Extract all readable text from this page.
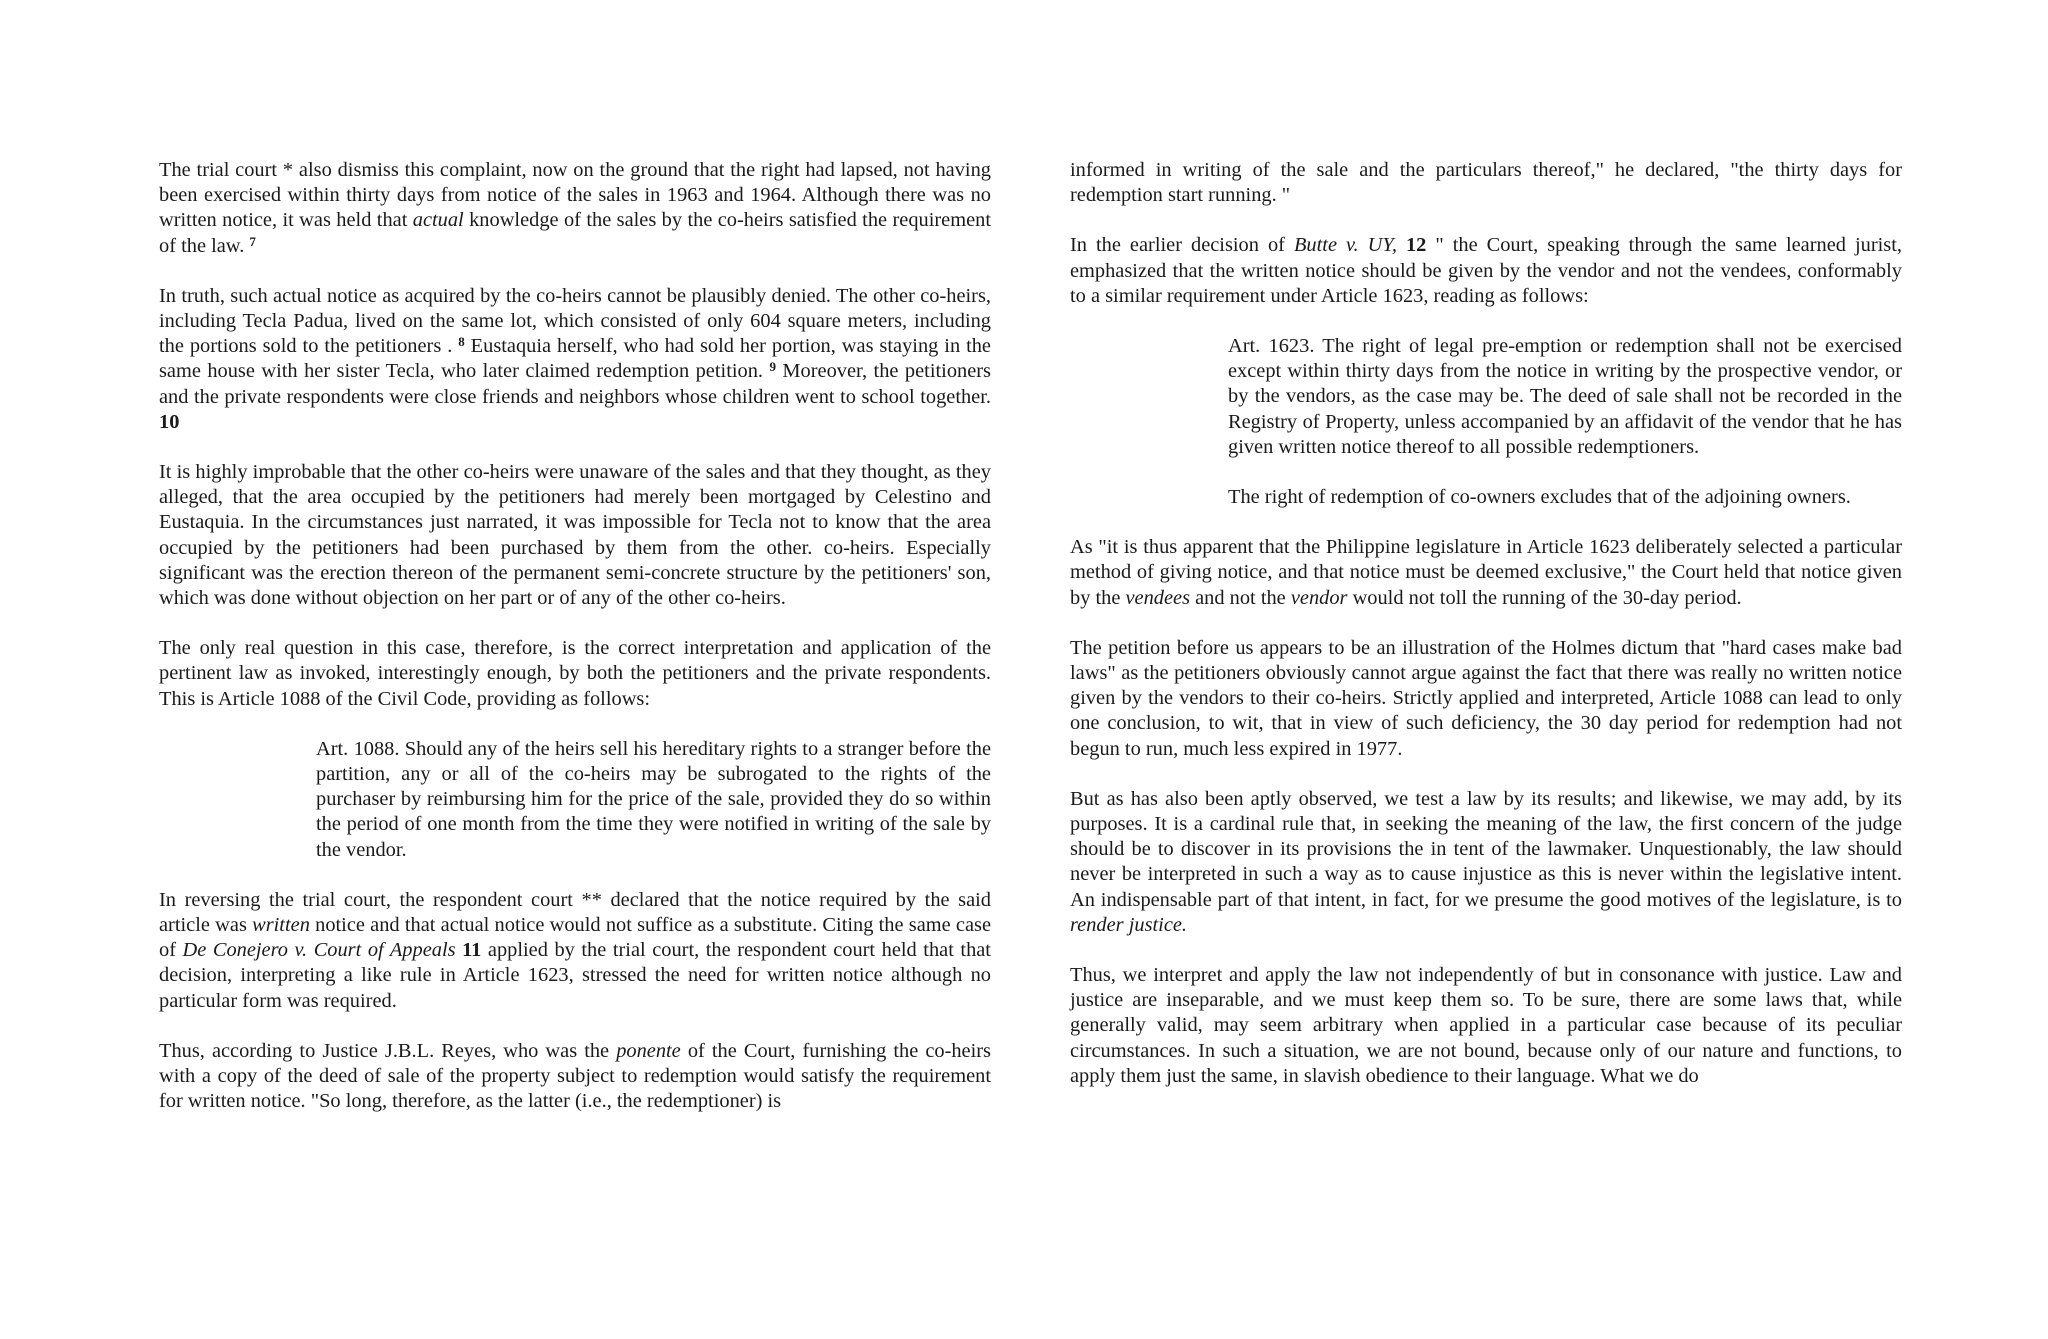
The trial court * also dismiss this complaint, now on the ground that the right had lapsed, not having been exercised within thirty days from notice of the sales in 1963 and 1964. Although there was no written notice, it was held that actual knowledge of the sales by the co-heirs satisfied the requirement of the law. $^7$

In truth, such actual notice as acquired by the co-heirs cannot be plausibly denied. The other co-heirs, including Tecla Padua, lived on the same lot, which consisted of only 604 square meters, including the portions sold to the petitioners . $^8$ Eustaquia herself, who had sold her portion, was staying in the same house with her sister Tecla, who later claimed redemption petition. $^9$ Moreover, the petitioners and the private respondents were close friends and neighbors whose children went to school together. 10

It is highly improbable that the other co-heirs were unaware of the sales and that they thought, as they alleged, that the area occupied by the petitioners had merely been mortgaged by Celestino and Eustaquia. In the circumstances just narrated, it was impossible for Tecla not to know that the area occupied by the petitioners had been purchased by them from the other. co-heirs. Especially significant was the erection thereon of the permanent semi-concrete structure by the petitioners' son, which was done without objection on her part or of any of the other co-heirs.

The only real question in this case, therefore, is the correct interpretation and application of the pertinent law as invoked, interestingly enough, by both the petitioners and the private respondents. This is Article 1088 of the Civil Code, providing as follows:

Art. 1088. Should any of the heirs sell his hereditary rights to a stranger before the partition, any or all of the co-heirs may be subrogated to the rights of the purchaser by reimbursing him for the price of the sale, provided they do so within the period of one month from the time they were notified in writing of the sale by the vendor.

In reversing the trial court, the respondent court ** declared that the notice required by the said article was written notice and that actual notice would not suffice as a substitute. Citing the same case of De Conejero v. Court of Appeals 11 applied by the trial court, the respondent court held that that decision, interpreting a like rule in Article 1623, stressed the need for written notice although no particular form was required.

Thus, according to Justice J.B.L. Reyes, who was the ponente of the Court, furnishing the co-heirs with a copy of the deed of sale of the property subject to redemption would satisfy the requirement for written notice. "So long, therefore, as the latter (i.e., the redemptioner) is

informed in writing of the sale and the particulars thereof," he declared, "the thirty days for redemption start running. "

In the earlier decision of Butte v. UY, 12 " the Court, speaking through the same learned jurist, emphasized that the written notice should be given by the vendor and not the vendees, conformably to a similar requirement under Article 1623, reading as follows:

Art. 1623. The right of legal pre-emption or redemption shall not be exercised except within thirty days from the notice in writing by the prospective vendor, or by the vendors, as the case may be. The deed of sale shall not be recorded in the Registry of Property, unless accompanied by an affidavit of the vendor that he has given written notice thereof to all possible redemptioners.

The right of redemption of co-owners excludes that of the adjoining owners.

As "it is thus apparent that the Philippine legislature in Article 1623 deliberately selected a particular method of giving notice, and that notice must be deemed exclusive," the Court held that notice given by the vendees and not the vendor would not toll the running of the 30-day period.

The petition before us appears to be an illustration of the Holmes dictum that "hard cases make bad laws" as the petitioners obviously cannot argue against the fact that there was really no written notice given by the vendors to their co-heirs. Strictly applied and interpreted, Article 1088 can lead to only one conclusion, to wit, that in view of such deficiency, the 30 day period for redemption had not begun to run, much less expired in 1977.

But as has also been aptly observed, we test a law by its results; and likewise, we may add, by its purposes. It is a cardinal rule that, in seeking the meaning of the law, the first concern of the judge should be to discover in its provisions the in tent of the lawmaker. Unquestionably, the law should never be interpreted in such a way as to cause injustice as this is never within the legislative intent. An indispensable part of that intent, in fact, for we presume the good motives of the legislature, is to render justice.

Thus, we interpret and apply the law not independently of but in consonance with justice. Law and justice are inseparable, and we must keep them so. To be sure, there are some laws that, while generally valid, may seem arbitrary when applied in a particular case because of its peculiar circumstances. In such a situation, we are not bound, because only of our nature and functions, to apply them just the same, in slavish obedience to their language. What we do
